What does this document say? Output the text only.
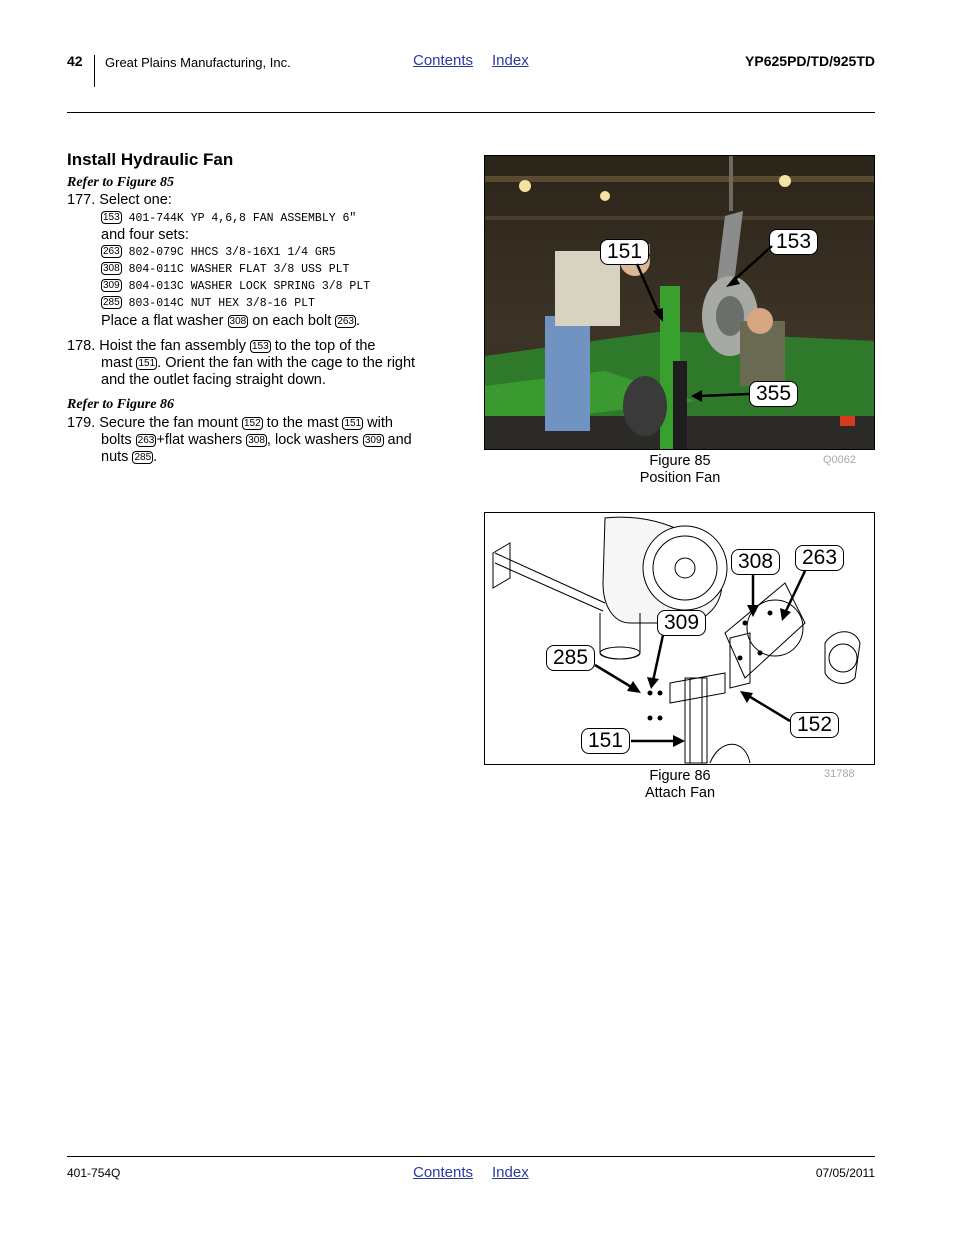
42 Great Plains Manufacturing, Inc.	Contents Index	YP625PD/TD/925TD
Install Hydraulic Fan
Refer to Figure 85
177. Select one:
153 401-744K YP 4,6,8 FAN ASSEMBLY 6"
and four sets:
263 802-079C HHCS 3/8-16X1 1/4 GR5
308 804-011C WASHER FLAT 3/8 USS PLT
309 804-013C WASHER LOCK SPRING 3/8 PLT
285 803-014C NUT HEX 3/8-16 PLT
Place a flat washer 308 on each bolt 263 .
178. Hoist the fan assembly 153 to the top of the
mast 151 . Orient the fan with the cage to the right
and the outlet facing straight down.
Refer to Figure 86
179. Secure the fan mount 152 to the mast 151 with
bolts 263 +flat washers 308 , lock washers 309 and
nuts 285 .
151	153
355
Figure 85
Position Fan
Q0062
308	263
309
285
151
152
Figure 86
Attach Fan
31788
401-754Q	Contents Index	07/05/2011
